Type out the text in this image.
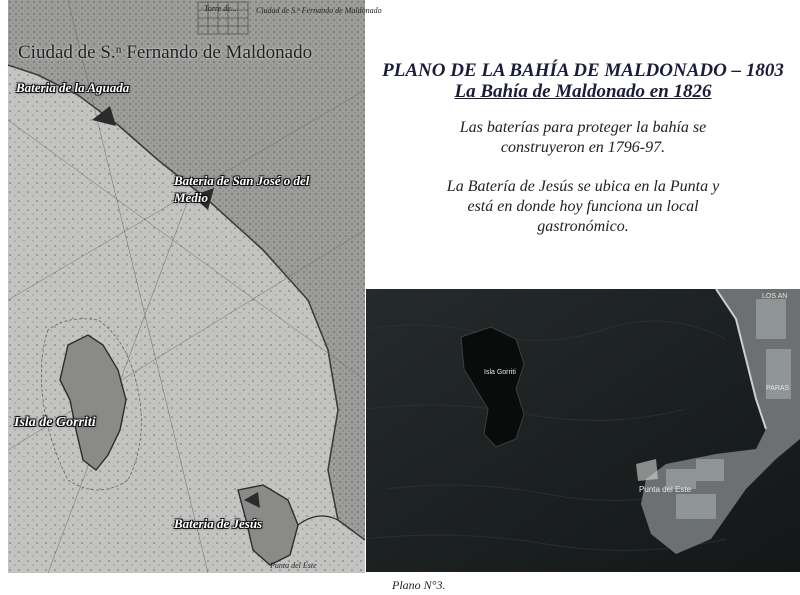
Ciudad de S.ⁿ Fernando de Maldonado
Ciudad de S.ⁿ Fernando de Maldonado
Torre de...
Bateria de la Aguada
Bateria de San José o del Medio
Isla de Gorriti
Bateria de Jesús
Punta del Este
PLANO DE LA BAHÍA DE MALDONADO – 1803
La Bahía de Maldonado en 1826
Las baterías para proteger la bahía se
construyeron en 1796-97.
La Batería de Jesús se ubica en la Punta y
está en donde hoy funciona un local
gastronómico.
Isla Gorriti
Punta del Este
LOS AN
PARAS
Plano N°3.
